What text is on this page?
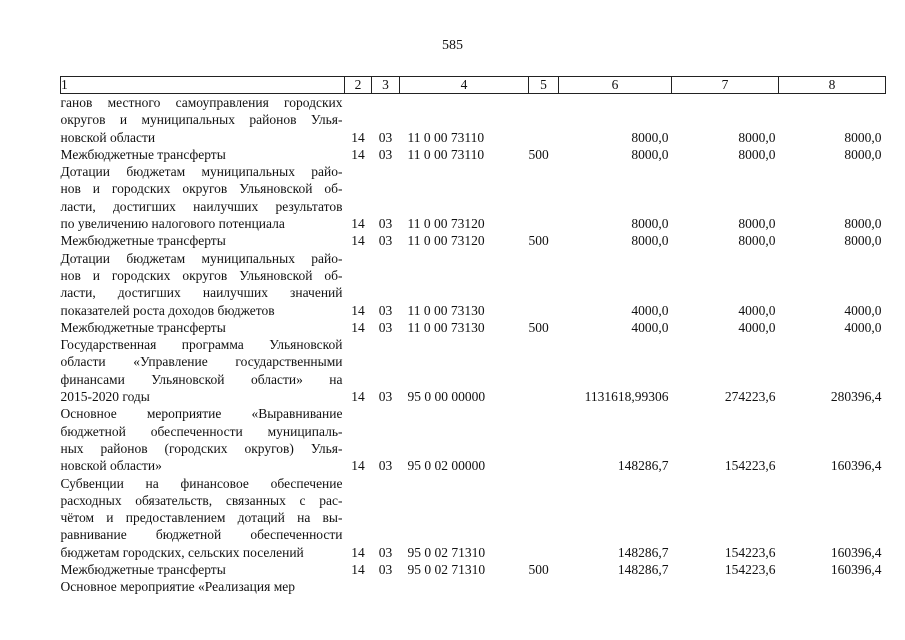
585
1	2	3	4	5	6	7	8

ганов местного самоуправления городских
округов и муниципальных районов Улья-
новской области	14	03	11 0 00 73110		8000,0	8000,0	8000,0

Межбюджетные трансферты	14	03	11 0 00 73110	500	8000,0	8000,0	8000,0

Дотации бюджетам муниципальных райо-
нов и городских округов Ульяновской об-
ласти, достигших наилучших результатов
по увеличению налогового потенциала	14	03	11 0 00 73120		8000,0	8000,0	8000,0

Межбюджетные трансферты	14	03	11 0 00 73120	500	8000,0	8000,0	8000,0

Дотации бюджетам муниципальных райо-
нов и городских округов Ульяновской об-
ласти, достигших наилучших значений
показателей роста доходов бюджетов	14	03	11 0 00 73130		4000,0	4000,0	4000,0

Межбюджетные трансферты	14	03	11 0 00 73130	500	4000,0	4000,0	4000,0

Государственная программа Ульяновской
области «Управление государственными
финансами Ульяновской области» на
2015-2020 годы	14	03	95 0 00 00000		1131618,99306	274223,6	280396,4

Основное мероприятие «Выравнивание
бюджетной обеспеченности муниципаль-
ных районов (городских округов) Улья-
новской области»	14	03	95 0 02 00000		148286,7	154223,6	160396,4

Субвенции на финансовое обеспечение
расходных обязательств, связанных с рас-
чётом и предоставлением дотаций на вы-
равнивание бюджетной обеспеченности
бюджетам городских, сельских поселений	14	03	95 0 02 71310		148286,7	154223,6	160396,4

Межбюджетные трансферты	14	03	95 0 02 71310	500	148286,7	154223,6	160396,4

Основное мероприятие «Реализация мер							
